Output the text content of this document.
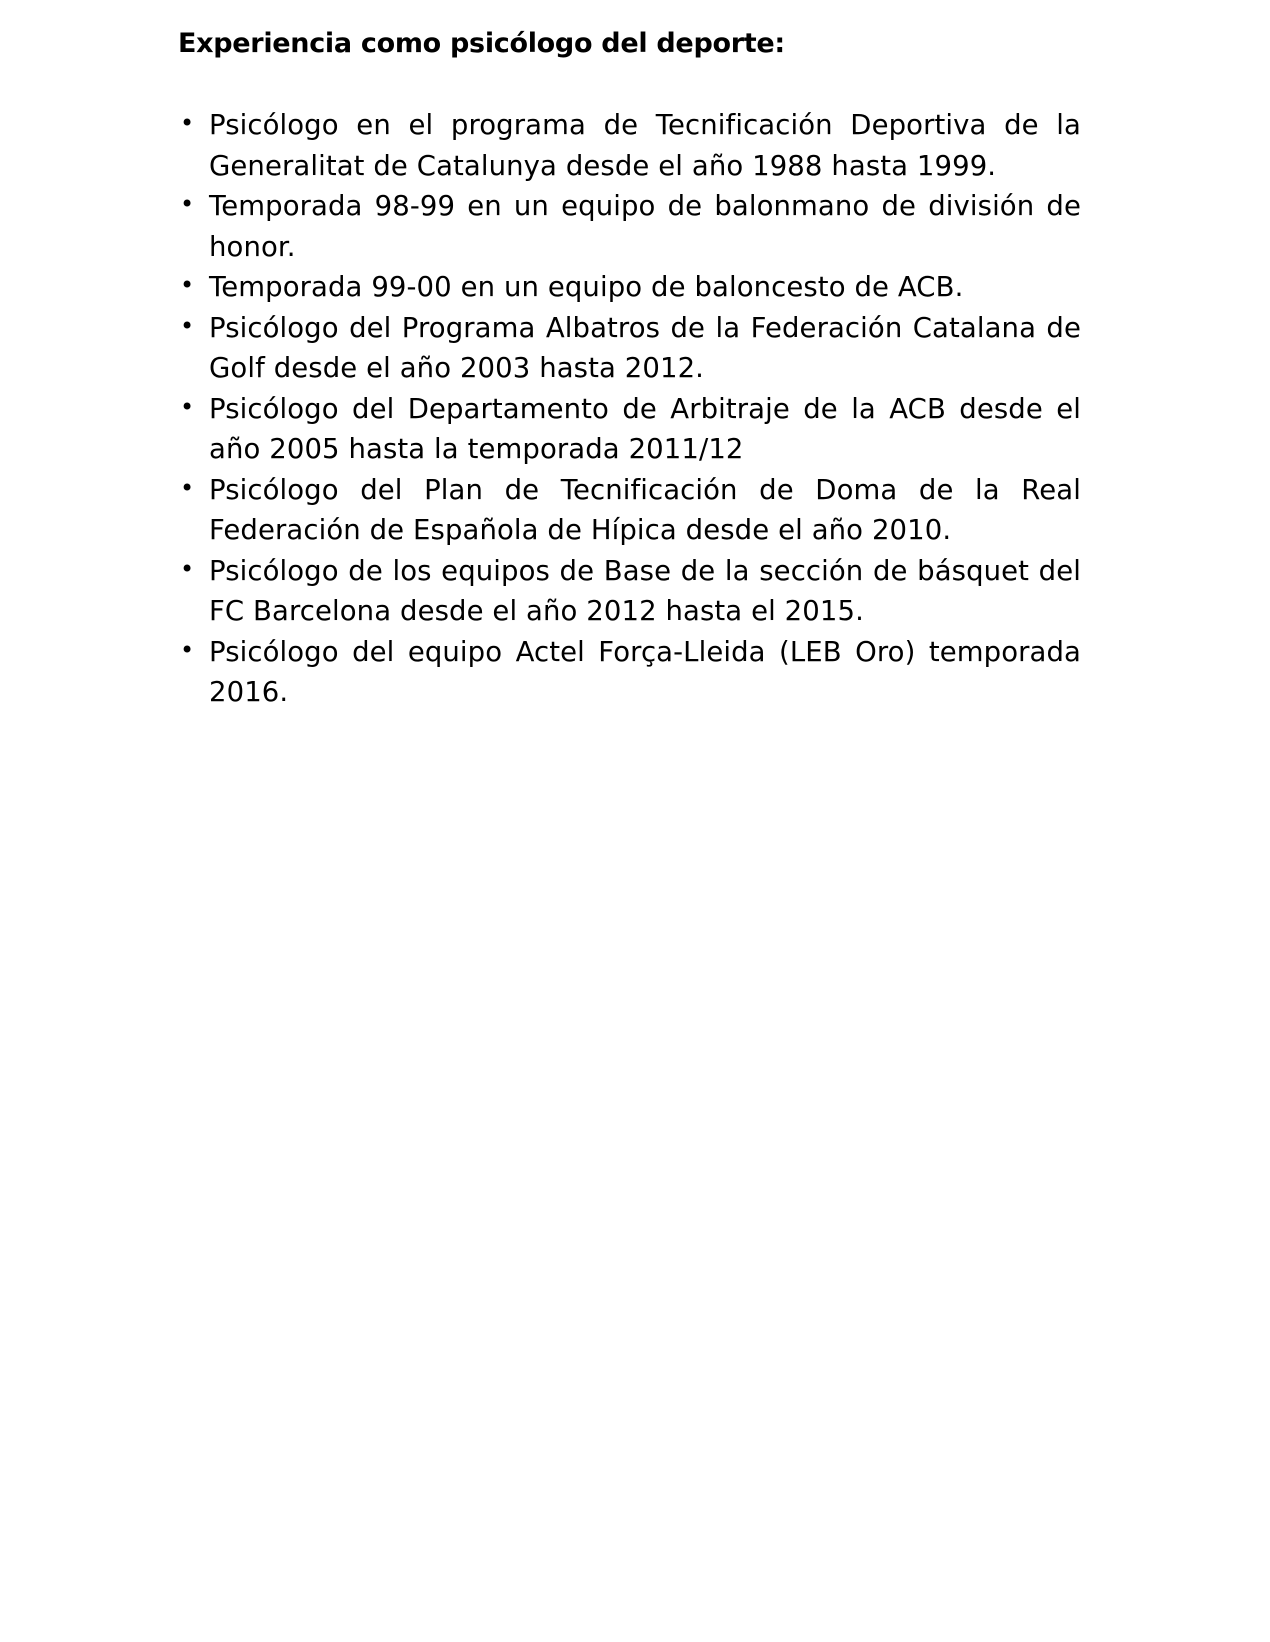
Experiencia como psicólogo del deporte:
• Psicólogo en el programa de Tecnificación Deportiva de la Generalitat de Catalunya desde el año 1988 hasta 1999.
• Temporada 98-99 en un equipo de balonmano de división de honor.
• Temporada 99-00 en un equipo de baloncesto de ACB.
• Psicólogo del Programa Albatros de la Federación Catalana de Golf desde el año 2003 hasta 2012.
• Psicólogo del Departamento de Arbitraje de la ACB desde el año 2005 hasta la temporada 2011/12
• Psicólogo del Plan de Tecnificación de Doma de la Real Federación de Española de Hípica desde el año 2010.
• Psicólogo de los equipos de Base de la sección de básquet del FC Barcelona desde el año 2012 hasta el 2015.
• Psicólogo del equipo Actel Força-Lleida (LEB Oro) temporada 2016.
